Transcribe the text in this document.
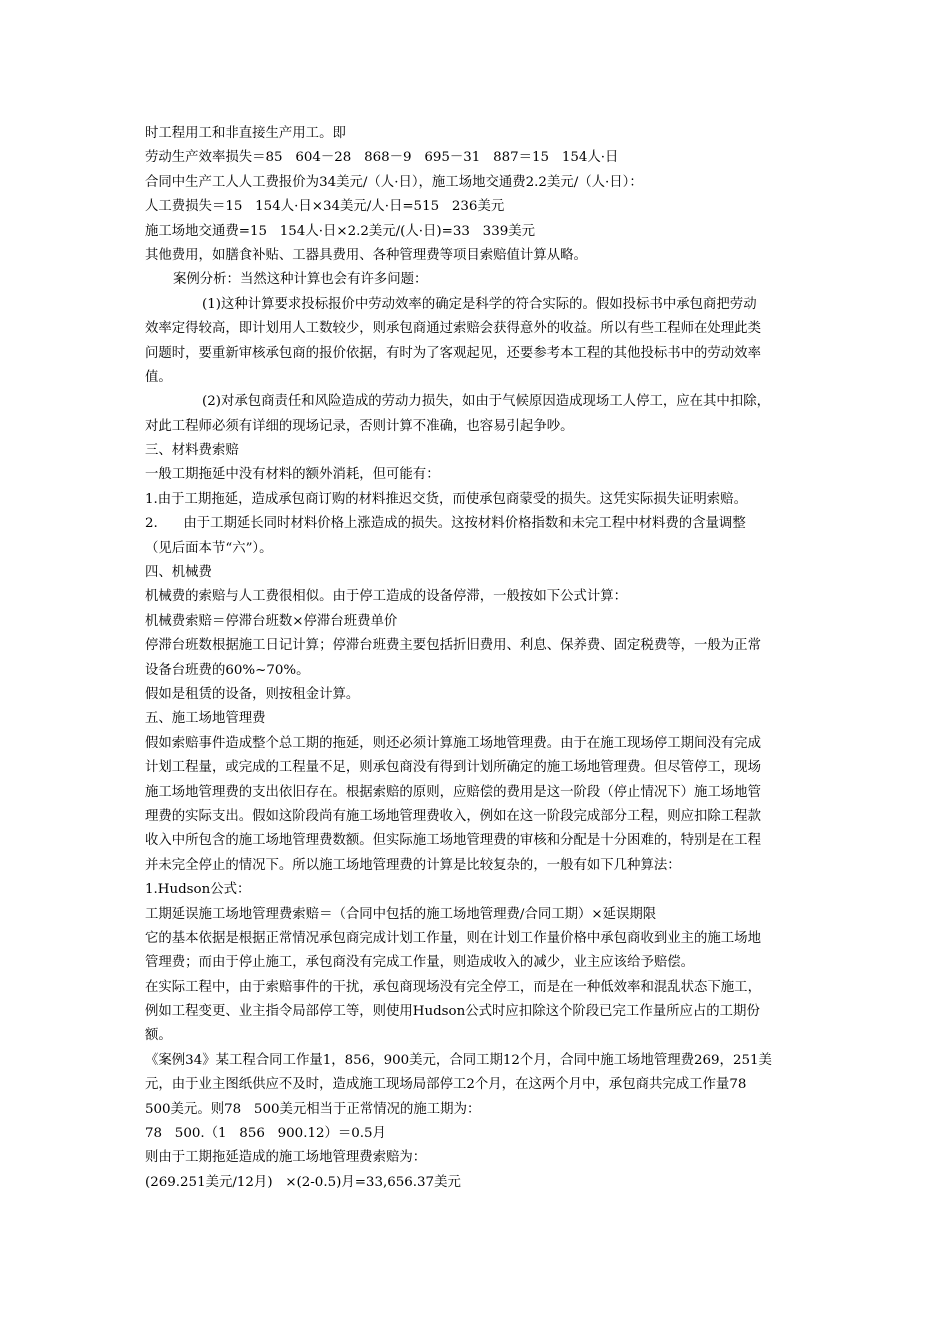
时工程用工和非直接生产用工。即
劳动生产效率损失＝85   604－28   868－9   695－31   887＝15   154人·日
合同中生产工人人工费报价为34美元/（人·日），施工场地交通费2.2美元/（人·日）：
人工费损失＝15   154人·日×34美元/人·日=515   236美元
施工场地交通费=15   154人·日×2.2美元/(人·日)=33   339美元
其他费用，如膳食补贴、工器具费用、各种管理费等项目索赔值计算从略。
案例分析：当然这种计算也会有许多问题：
(1)这种计算要求投标报价中劳动效率的确定是科学的符合实际的。假如投标书中承包商把劳动
效率定得较高，即计划用人工数较少，则承包商通过索赔会获得意外的收益。所以有些工程师在处理此类
问题时，要重新审核承包商的报价依据，有时为了客观起见，还要参考本工程的其他投标书中的劳动效率
值。
(2)对承包商责任和风险造成的劳动力损失，如由于气候原因造成现场工人停工，应在其中扣除，
对此工程师必须有详细的现场记录，否则计算不准确，也容易引起争吵。
三、材料费索赔
一般工期拖延中没有材料的额外消耗，但可能有：
1.由于工期拖延，造成承包商订购的材料推迟交货，而使承包商蒙受的损失。这凭实际损失证明索赔。
2.      由于工期延长同时材料价格上涨造成的损失。这按材料价格指数和未完工程中材料费的含量调整
（见后面本节“六”）。
四、机械费
机械费的索赔与人工费很相似。由于停工造成的设备停滞，一般按如下公式计算：
机械费索赔＝停滞台班数×停滞台班费单价
停滞台班数根据施工日记计算；停滞台班费主要包括折旧费用、利息、保养费、固定税费等，一般为正常
设备台班费的60%~70%。
假如是租赁的设备，则按租金计算。
五、施工场地管理费
假如索赔事件造成整个总工期的拖延，则还必须计算施工场地管理费。由于在施工现场停工期间没有完成
计划工程量，或完成的工程量不足，则承包商没有得到计划所确定的施工场地管理费。但尽管停工，现场
施工场地管理费的支出依旧存在。根据索赔的原则，应赔偿的费用是这一阶段（停止情况下）施工场地管
理费的实际支出。假如这阶段尚有施工场地管理费收入，例如在这一阶段完成部分工程，则应扣除工程款
收入中所包含的施工场地管理费数额。但实际施工场地管理费的审核和分配是十分困难的，特别是在工程
并未完全停止的情况下。所以施工场地管理费的计算是比较复杂的，一般有如下几种算法：
1.Hudson公式：
工期延误施工场地管理费索赔＝（合同中包括的施工场地管理费/合同工期）×延误期限
它的基本依据是根据正常情况承包商完成计划工作量，则在计划工作量价格中承包商收到业主的施工场地
管理费；而由于停止施工，承包商没有完成工作量，则造成收入的减少，业主应该给予赔偿。
在实际工程中，由于索赔事件的干扰，承包商现场没有完全停工，而是在一种低效率和混乱状态下施工，
例如工程变更、业主指令局部停工等，则使用Hudson公式时应扣除这个阶段已完工作量所应占的工期份
额。
《案例34》某工程合同工作量1，856，900美元，合同工期12个月，合同中施工场地管理费269，251美
元，由于业主图纸供应不及时，造成施工现场局部停工2个月，在这两个月中，承包商共完成工作量78
500美元。则78   500美元相当于正常情况的施工期为：
78   500.（1   856   900.12）＝0.5月
则由于工期拖延造成的施工场地管理费索赔为：
(269.251美元/12月)   ×(2-0.5)月=33,656.37美元
